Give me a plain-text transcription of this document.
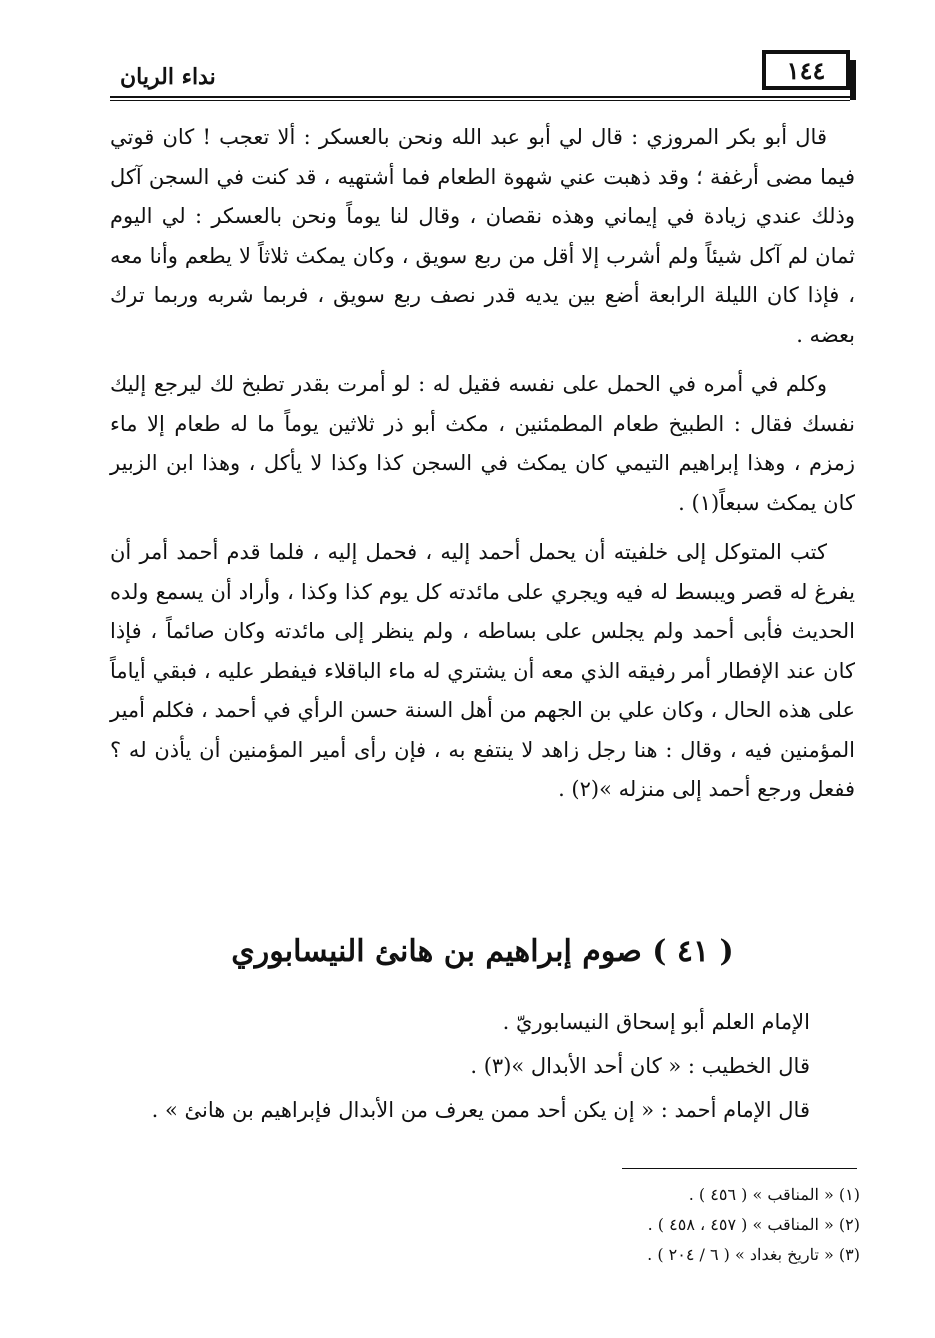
١٤٤
نداء الريان

قال أبو بكر المروزي : قال لي أبو عبد الله ونحن بالعسكر : ألا تعجب ! كان قوتي فيما مضى أرغفة ؛ وقد ذهبت عني شهوة الطعام فما أشتهيه ، قد كنت في السجن آكل وذلك عندي زيادة في إيماني وهذه نقصان ، وقال لنا يوماً ونحن بالعسكر : لي اليوم ثمان لم آكل شيئاً ولم أشرب إلا أقل من ربع سويق ، وكان يمكث ثلاثاً لا يطعم وأنا معه ، فإذا كان الليلة الرابعة أضع بين يديه قدر نصف ربع سويق ، فربما شربه وربما ترك بعضه .

وكلم في أمره في الحمل على نفسه فقيل له : لو أمرت بقدر تطبخ لك ليرجع إليك نفسك فقال : الطبيخ طعام المطمئنين ، مكث أبو ذر ثلاثين يوماً ما له طعام إلا ماء زمزم ، وهذا إبراهيم التيمي كان يمكث في السجن كذا وكذا لا يأكل ، وهذا ابن الزبير كان يمكث سبعاً(١) .

كتب المتوكل إلى خلفيته أن يحمل أحمد إليه ، فحمل إليه ، فلما قدم أحمد أمر أن يفرغ له قصر ويبسط له فيه ويجري على مائدته كل يوم كذا وكذا ، وأراد أن يسمع ولده الحديث فأبى أحمد ولم يجلس على بساطه ، ولم ينظر إلى مائدته وكان صائماً ، فإذا كان عند الإفطار أمر رفيقه الذي معه أن يشتري له ماء الباقلاء فيفطر عليه ، فبقي أياماً على هذه الحال ، وكان علي بن الجهم من أهل السنة حسن الرأي في أحمد ، فكلم أمير المؤمنين فيه ، وقال : هنا رجل زاهد لا ينتفع به ، فإن رأى أمير المؤمنين أن يأذن له ؟ ففعل ورجع أحمد إلى منزله »(٢) .

( ٤١ ) صوم إبراهيم بن هانئ النيسابوري
الإمام العلم أبو إسحاق النيسابوريّ .
قال الخطيب : « كان أحد الأبدال »(٣) .
قال الإمام أحمد : « إن يكن أحد ممن يعرف من الأبدال فإبراهيم بن هانئ » .
(١) « المناقب » ( ٤٥٦ ) .
(٢) « المناقب » ( ٤٥٧ ، ٤٥٨ ) .
(٣) « تاريخ بغداد » ( ٦ / ٢٠٤ ) .
